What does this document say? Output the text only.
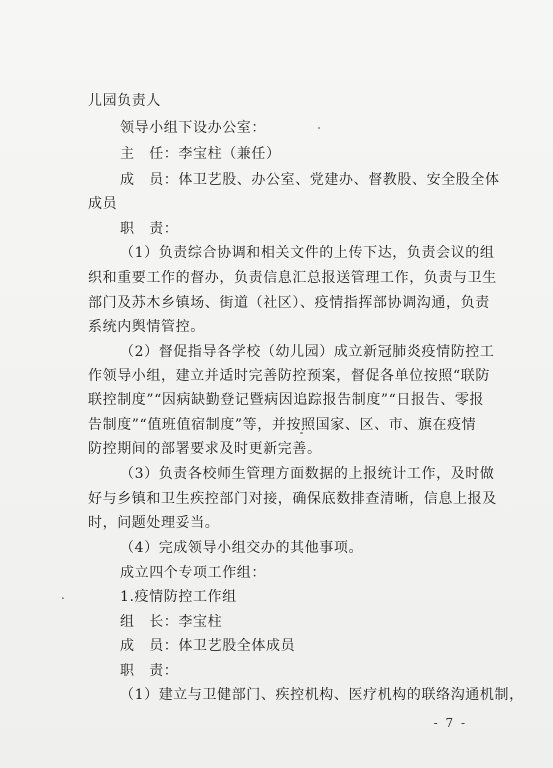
儿园负责人
领导小组下设办公室：
主　任：李宝柱（兼任）
成　员：体卫艺股、办公室、党建办、督教股、安全股全体
成员
职　责：
（1）负责综合协调和相关文件的上传下达，负责会议的组
织和重要工作的督办，负责信息汇总报送管理工作，负责与卫生
部门及苏木乡镇场、街道（社区）、疫情指挥部协调沟通，负责
系统内舆情管控。
（2）督促指导各学校（幼儿园）成立新冠肺炎疫情防控工
作领导小组，建立并适时完善防控预案，督促各单位按照“联防
联控制度”“因病缺勤登记暨病因追踪报告制度”“日报告、零报
告制度”“值班值宿制度”等，并按照国家、区、市、旗在疫情
防控期间的部署要求及时更新完善。
（3）负责各校师生管理方面数据的上报统计工作，及时做
好与乡镇和卫生疾控部门对接，确保底数排查清晰，信息上报及
时，问题处理妥当。
（4）完成领导小组交办的其他事项。
成立四个专项工作组：
1.疫情防控工作组
组　长：李宝柱
成　员：体卫艺股全体成员
职　责：
（1）建立与卫健部门、疾控机构、医疗机构的联络沟通机制，
.
- 7 -
